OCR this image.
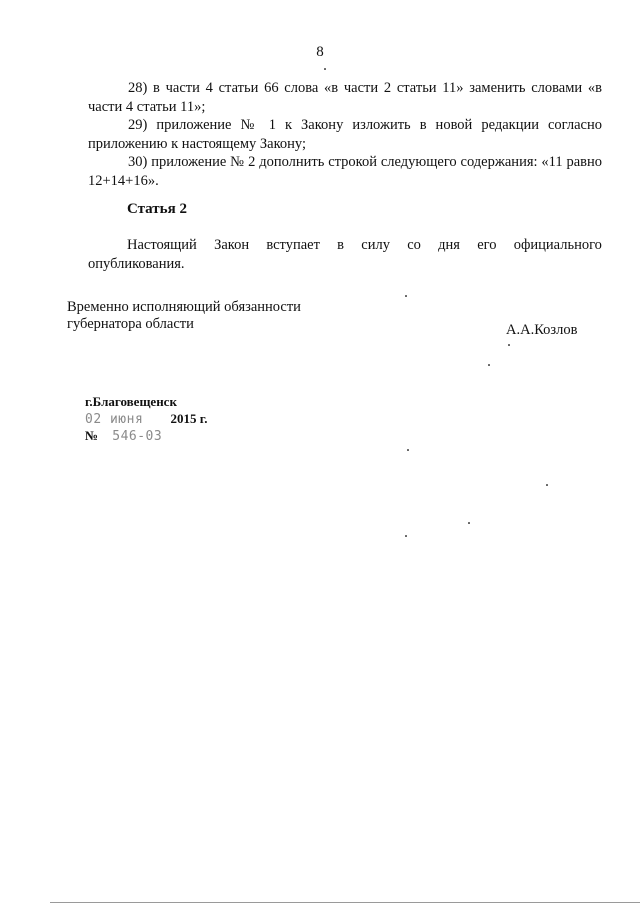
8

28) в части 4 статьи 66 слова «в части 2 статьи 11» заменить словами «в части 4 статьи 11»;

29) приложение № 1 к Закону изложить в новой редакции согласно приложению к настоящему Закону;

30) приложение № 2 дополнить строкой следующего содержания: «11 равно 12+14+16».

Статья 2
Настоящий Закон вступает в силу со дня его официального
опубликования.
Временно исполняющий обязанности
губернатора области	А.А.Козлов
г.Благовещенск
02 июня 2015 г.
№ 546-03
